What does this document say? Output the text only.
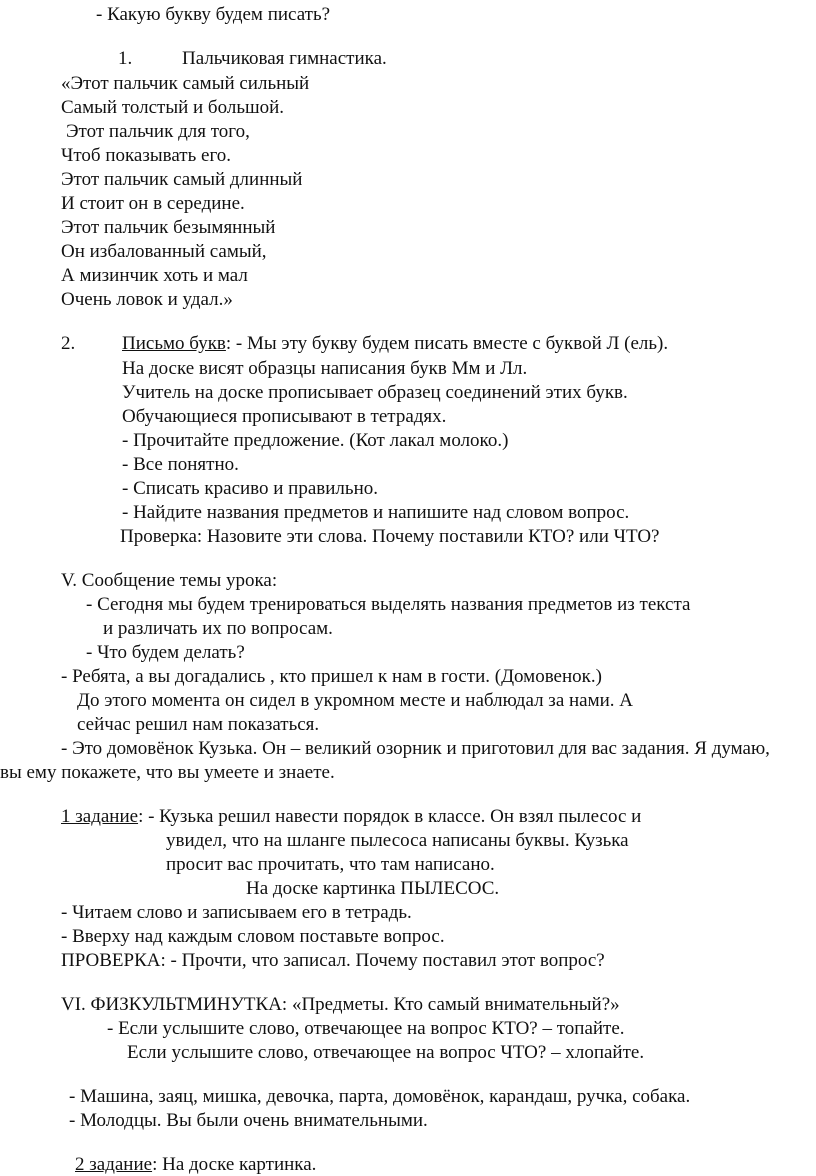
- Какую букву будем писать?
1.	Пальчиковая гимнастика.
«Этот пальчик самый сильный
Самый толстый и большой.
Этот пальчик для того,
Чтоб показывать его.
Этот пальчик самый длинный
И стоит он в середине.
Этот пальчик безымянный
Он избалованный самый,
А мизинчик хоть и мал
Очень ловок и удал.»
2. Письмо букв: - Мы эту букву будем писать вместе с буквой Л (ель).
На доске висят образцы написания букв Мм и Лл.
Учитель на доске прописывает образец соединений этих букв.
Обучающиеся прописывают в тетрадях.
- Прочитайте предложение. (Кот лакал молоко.)
- Все понятно.
- Списать красиво и правильно.
- Найдите названия предметов и напишите над словом вопрос.
Проверка: Назовите эти слова. Почему поставили КТО? или ЧТО?
V. Сообщение темы урока:
- Сегодня мы будем тренироваться выделять названия предметов из текста
и различать их по вопросам.
- Что будем делать?
- Ребята, а вы догадались , кто пришел к нам в гости. (Домовенок.)
До этого момента он сидел в укромном месте и наблюдал за нами. А
сейчас решил нам показаться.
- Это домовёнок Кузька. Он – великий озорник и приготовил для вас задания. Я думаю,
вы ему покажете, что вы умеете и знаете.
1 задание: - Кузька решил навести порядок в классе. Он взял пылесос и
увидел, что на шланге пылесоса написаны буквы. Кузька
просит вас прочитать, что там написано.
На доске картинка ПЫЛЕСОС.
- Читаем слово и записываем его в тетрадь.
- Вверху над каждым словом поставьте вопрос.
ПРОВЕРКА: - Прочти, что записал. Почему поставил этот вопрос?
VI. ФИЗКУЛЬТМИНУТКА: «Предметы. Кто самый внимательный?»
- Если услышите слово, отвечающее на вопрос КТО? – топайте.
Если услышите слово, отвечающее на вопрос ЧТО? – хлопайте.
- Машина, заяц, мишка, девочка, парта, домовёнок, карандаш, ручка, собака.
- Молодцы. Вы были очень внимательными.
2 задание: На доске картинка.
